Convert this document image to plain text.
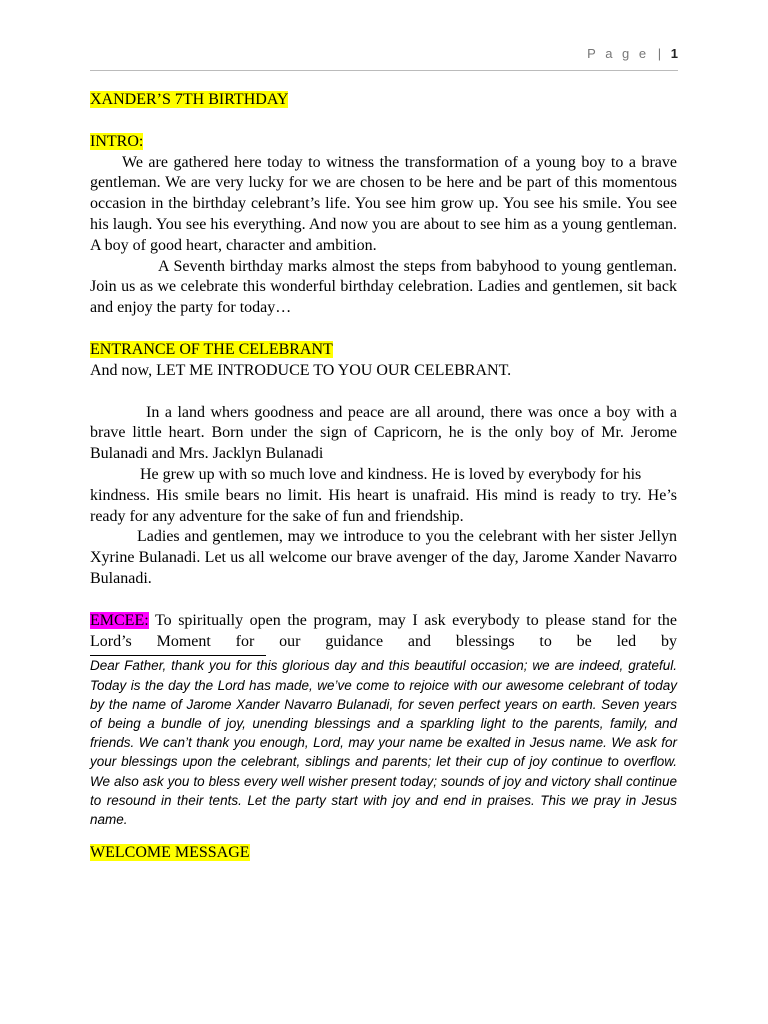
P a g e | 1

XANDER’S 7TH BIRTHDAY

INTRO:

We are gathered here today to witness the transformation of a young boy to a brave gentleman. We are very lucky for we are chosen to be here and be part of this momentous occasion in the birthday celebrant’s life. You see him grow up. You see his smile. You see his laugh. You see his everything. And now you are about to see him as a young gentleman. A boy of good heart, character and ambition.

A Seventh birthday marks almost the steps from babyhood to young gentleman. Join us as we celebrate this wonderful birthday celebration. Ladies and gentlemen, sit back and enjoy the party for today…

ENTRANCE OF THE CELEBRANT

And now, LET ME INTRODUCE TO YOU OUR CELEBRANT.

In a land whers goodness and peace are all around, there was once a boy with a brave little heart. Born under the sign of Capricorn, he is the only boy of Mr. Jerome Bulanadi and Mrs. Jacklyn Bulanadi

He grew up with so much love and kindness. He is loved by everybody for his

kindness. His smile bears no limit. His heart is unafraid. His mind is ready to try. He’s ready for any adventure for the sake of fun and friendship.

Ladies and gentlemen, may we introduce to you the celebrant with her sister Jellyn Xyrine Bulanadi. Let us all welcome our brave avenger of the day, Jarome Xander Navarro Bulanadi.

EMCEE: To spiritually open the program, may I ask everybody to please stand for the Lord’s Moment for our guidance and blessings to be led by

Dear Father, thank you for this glorious day and this beautiful occasion; we are indeed, grateful. Today is the day the Lord has made, we’ve come to rejoice with our awesome celebrant of today by the name of Jarome Xander Navarro Bulanadi, for seven perfect years on earth. Seven years of being a bundle of joy, unending blessings and a sparkling light to the parents, family, and friends. We can’t thank you enough, Lord, may your name be exalted in Jesus name. We ask for your blessings upon the celebrant, siblings and parents; let their cup of joy continue to overflow. We also ask you to bless every well wisher present today; sounds of joy and victory shall continue to resound in their tents. Let the party start with joy and end in praises. This we pray in Jesus name.

WELCOME MESSAGE
